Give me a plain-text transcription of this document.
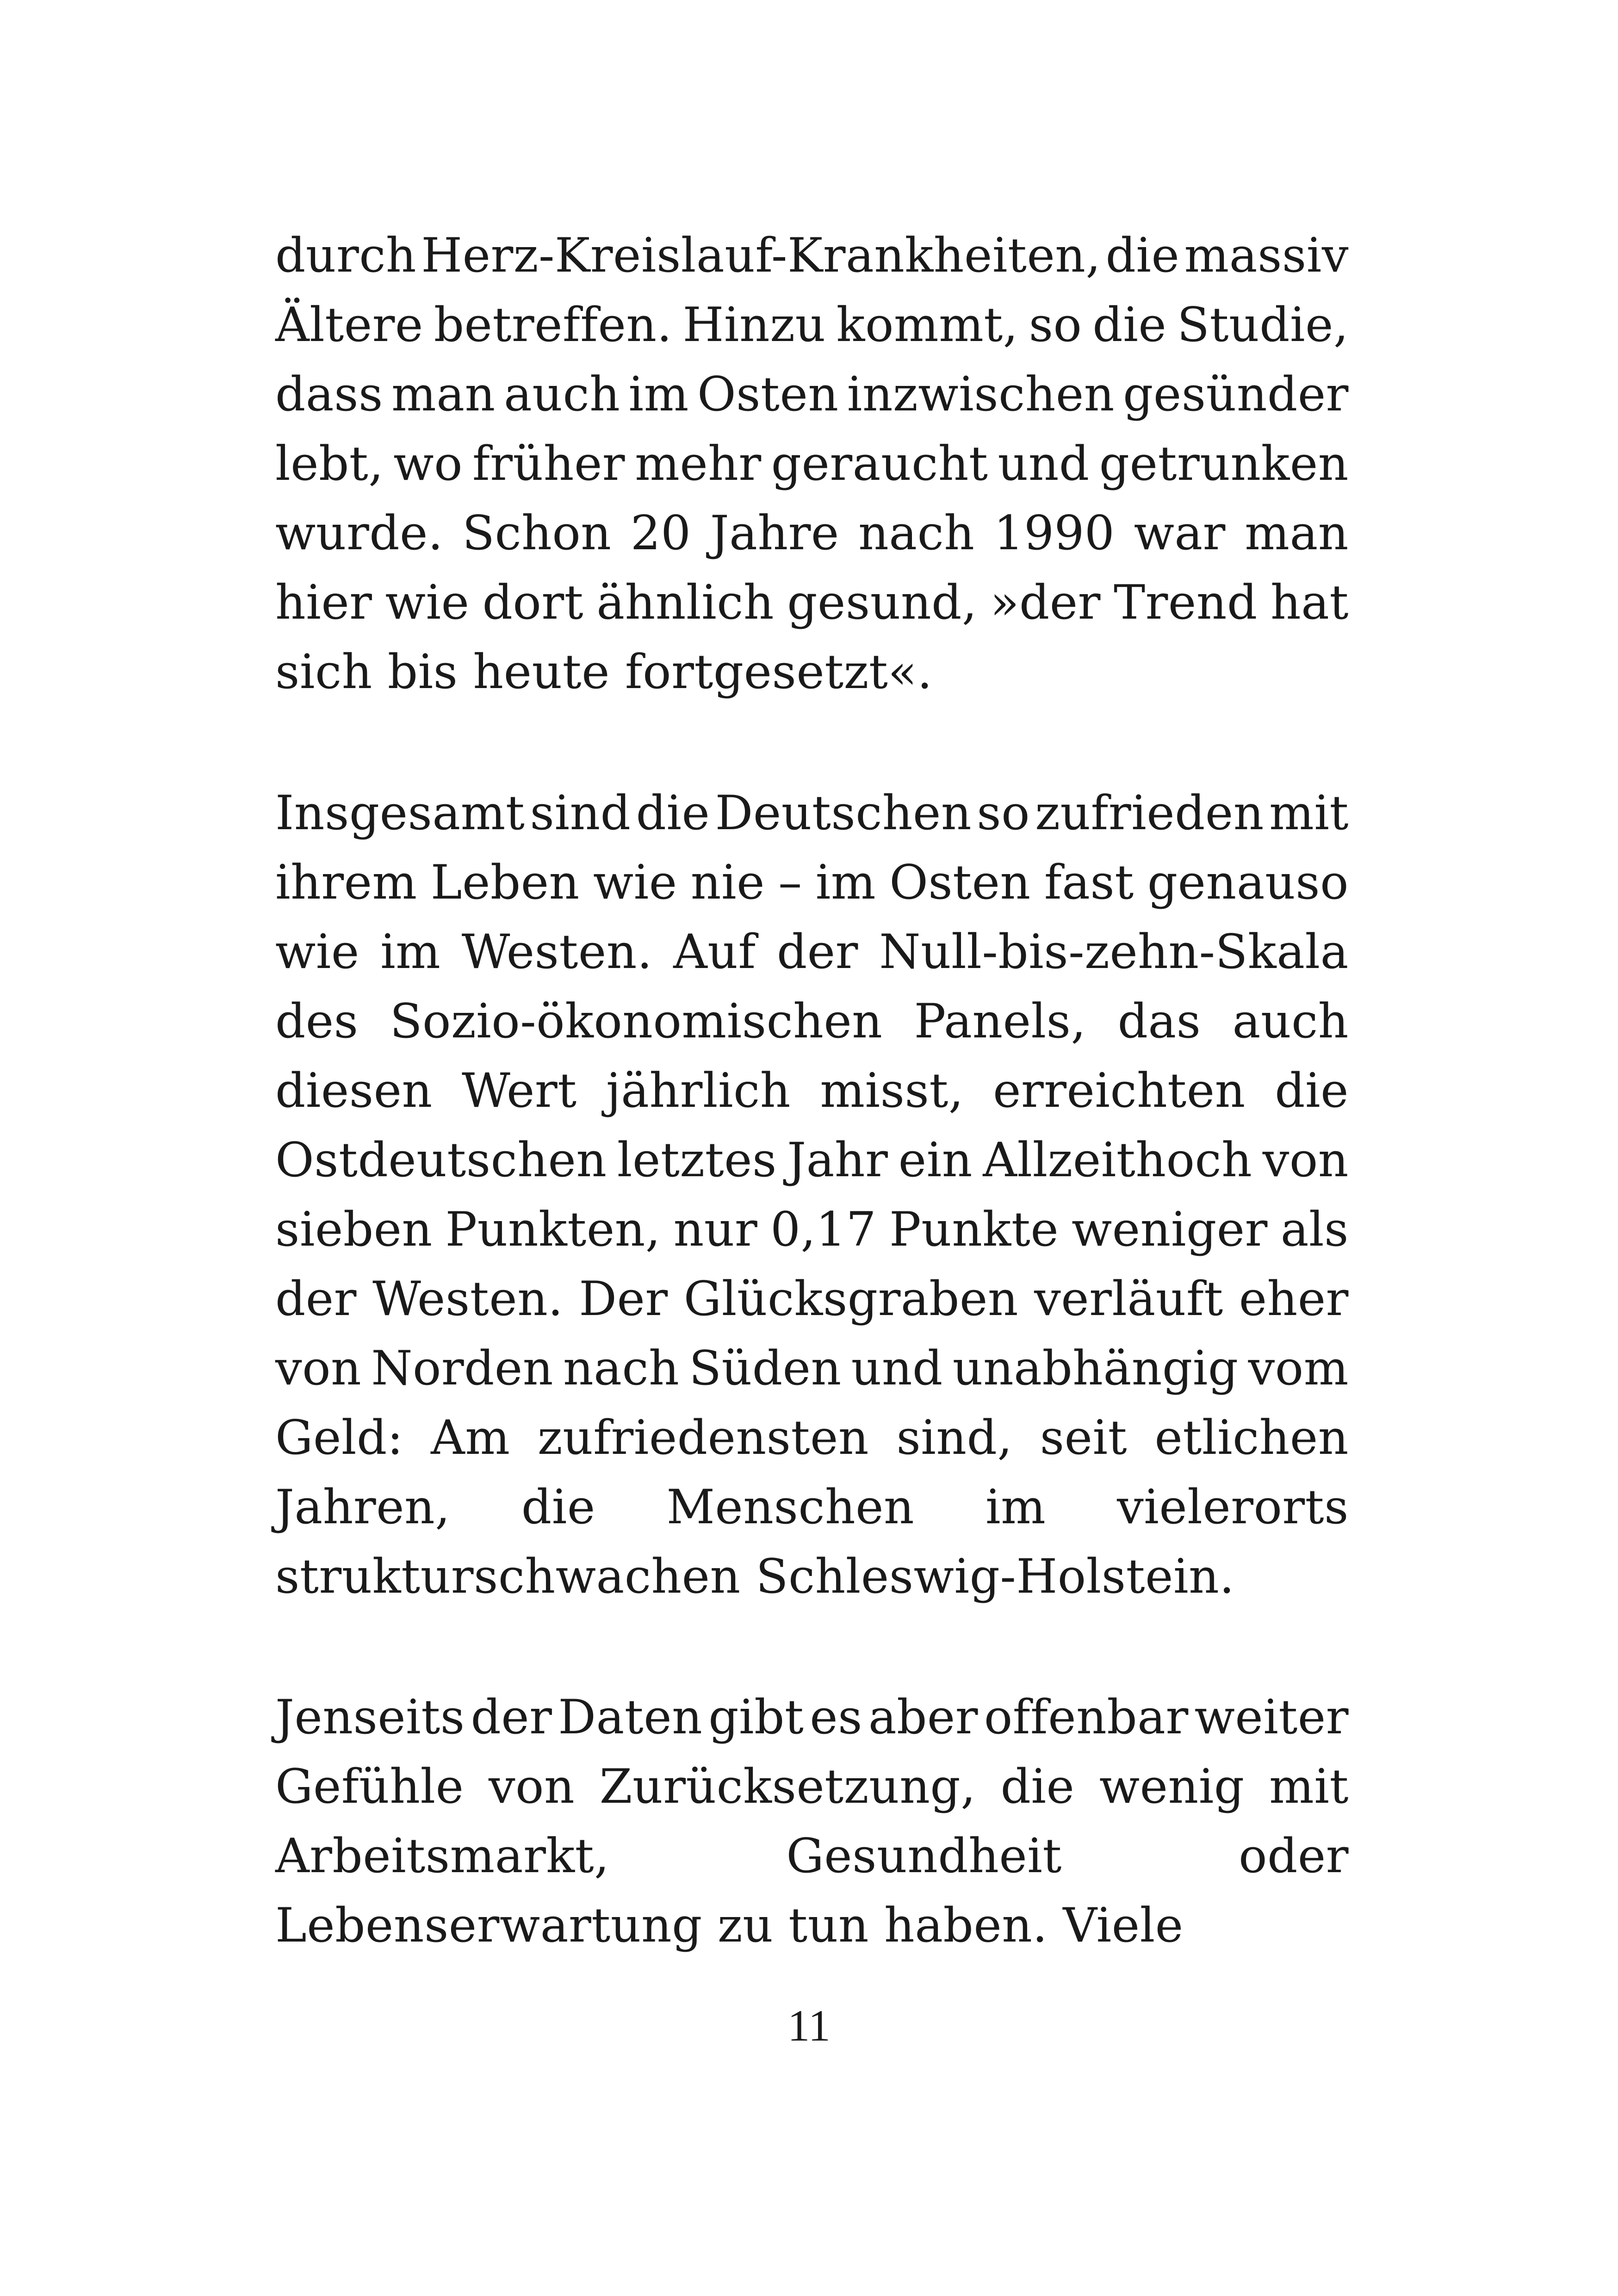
durch Herz-Kreislauf-Krankheiten, die massiv
Ältere betreffen. Hinzu kommt, so die Studie,
dass man auch im Osten inzwischen gesünder
lebt, wo früher mehr geraucht und getrunken
wurde. Schon 20 Jahre nach 1990 war man
hier wie dort ähnlich gesund, »der Trend hat
sich bis heute fortgesetzt«.
Insgesamt sind die Deutschen so zufrieden mit
ihrem Leben wie nie – im Osten fast genauso
wie im Westen. Auf der Null-bis-zehn-Skala
des Sozio-ökonomischen Panels, das auch
diesen Wert jährlich misst, erreichten die
Ostdeutschen letztes Jahr ein Allzeithoch von
sieben Punkten, nur 0,17 Punkte weniger als
der Westen. Der Glücksgraben verläuft eher
von Norden nach Süden und unabhängig vom
Geld: Am zufriedensten sind, seit etlichen
Jahren, die Menschen im vielerorts
strukturschwachen Schleswig-Holstein.
Jenseits der Daten gibt es aber offenbar weiter
Gefühle von Zurücksetzung, die wenig mit
Arbeitsmarkt,	Gesundheit	oder
Lebenserwartung zu tun haben. Viele
11
